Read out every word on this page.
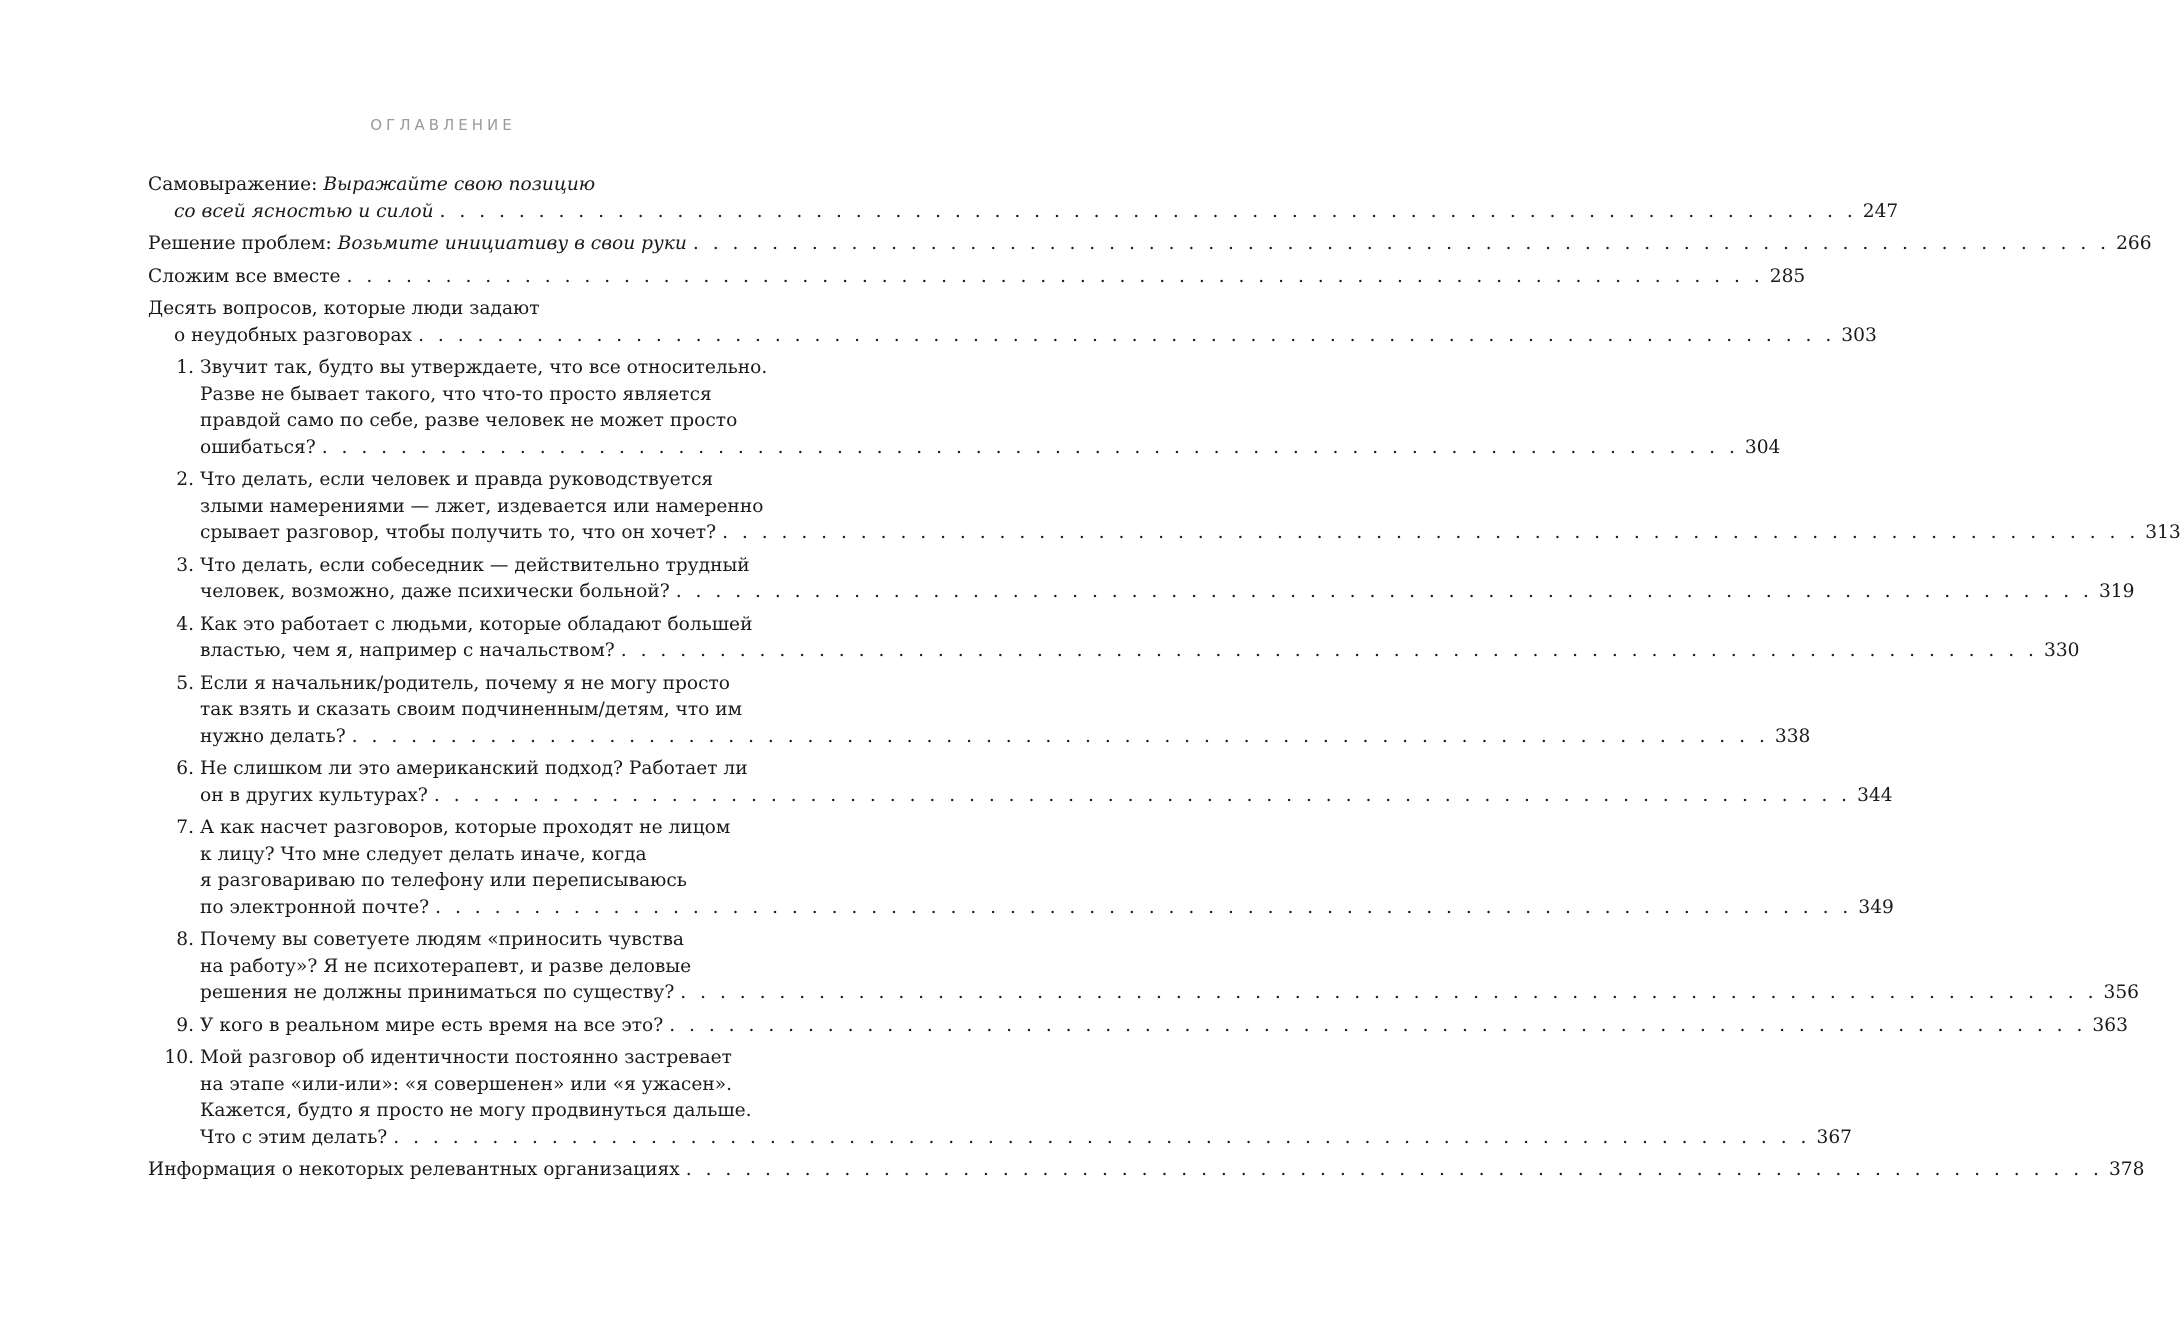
ОГЛАВЛЕНИЕ
Самовыражение: Выражайте свою позицию
со всей ясностью и силой . . . . . . . . . . . . . . . . . . . . . . . . . . . . . . . . . . . . . . . . . . . . . . . . . . . . . . . . . . . . . . . . . . . . . . . . 247
Решение проблем: Возьмите инициативу в свои руки . . . . . . . . . . . . . . . . . . . . . . . . . . . . . . . . . . . . . . . . . . . . . . . . . . . . . . . . . . . . . . . . . . . . . . . . 266
Сложим все вместе . . . . . . . . . . . . . . . . . . . . . . . . . . . . . . . . . . . . . . . . . . . . . . . . . . . . . . . . . . . . . . . . . . . . . . . . 285
Десять вопросов, которые люди задают
о неудобных разговорах . . . . . . . . . . . . . . . . . . . . . . . . . . . . . . . . . . . . . . . . . . . . . . . . . . . . . . . . . . . . . . . . . . . . . . . . 303
1. Звучит так, будто вы утверждаете, что все относительно.
Разве не бывает такого, что что-то просто является
правдой само по себе, разве человек не может просто
ошибаться? . . . . . . . . . . . . . . . . . . . . . . . . . . . . . . . . . . . . . . . . . . . . . . . . . . . . . . . . . . . . . . . . . . . . . . . . 304
2. Что делать, если человек и правда руководствуется
злыми намерениями — лжет, издевается или намеренно
срывает разговор, чтобы получить то, что он хочет? . . . . . . . . . . . . . . . . . . . . . . . . . . . . . . . . . . . . . . . . . . . . . . . . . . . . . . . . . . . . . . . . . . . . . . . . 313
3. Что делать, если собеседник — действительно трудный
человек, возможно, даже психически больной? . . . . . . . . . . . . . . . . . . . . . . . . . . . . . . . . . . . . . . . . . . . . . . . . . . . . . . . . . . . . . . . . . . . . . . . . 319
4. Как это работает с людьми, которые обладают большей
властью, чем я, например с начальством? . . . . . . . . . . . . . . . . . . . . . . . . . . . . . . . . . . . . . . . . . . . . . . . . . . . . . . . . . . . . . . . . . . . . . . . . 330
5. Если я начальник/родитель, почему я не могу просто
так взять и сказать своим подчиненным/детям, что им
нужно делать? . . . . . . . . . . . . . . . . . . . . . . . . . . . . . . . . . . . . . . . . . . . . . . . . . . . . . . . . . . . . . . . . . . . . . . . . 338
6. Не слишком ли это американский подход? Работает ли
он в других культурах? . . . . . . . . . . . . . . . . . . . . . . . . . . . . . . . . . . . . . . . . . . . . . . . . . . . . . . . . . . . . . . . . . . . . . . . . 344
7. А как насчет разговоров, которые проходят не лицом
к лицу? Что мне следует делать иначе, когда
я разговариваю по телефону или переписываюсь
по электронной почте? . . . . . . . . . . . . . . . . . . . . . . . . . . . . . . . . . . . . . . . . . . . . . . . . . . . . . . . . . . . . . . . . . . . . . . . . 349
8. Почему вы советуете людям «приносить чувства
на работу»? Я не психотерапевт, и разве деловые
решения не должны приниматься по существу? . . . . . . . . . . . . . . . . . . . . . . . . . . . . . . . . . . . . . . . . . . . . . . . . . . . . . . . . . . . . . . . . . . . . . . . . 356
9. У кого в реальном мире есть время на все это? . . . . . . . . . . . . . . . . . . . . . . . . . . . . . . . . . . . . . . . . . . . . . . . . . . . . . . . . . . . . . . . . . . . . . . . . 363
10. Мой разговор об идентичности постоянно застревает
на этапе «или-или»: «я совершенен» или «я ужасен».
Кажется, будто я просто не могу продвинуться дальше.
Что с этим делать? . . . . . . . . . . . . . . . . . . . . . . . . . . . . . . . . . . . . . . . . . . . . . . . . . . . . . . . . . . . . . . . . . . . . . . . . 367
Информация о некоторых релевантных организациях . . . . . . . . . . . . . . . . . . . . . . . . . . . . . . . . . . . . . . . . . . . . . . . . . . . . . . . . . . . . . . . . . . . . . . . . 378
